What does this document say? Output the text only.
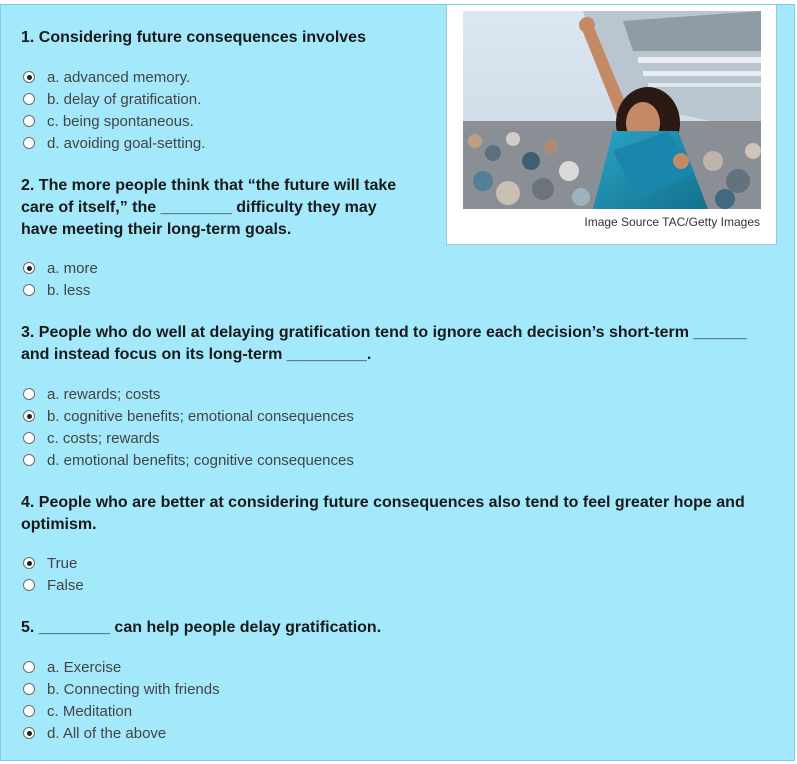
Image Source TAC/Getty Images

1. Considering future consequences involves

a. advanced memory.
b. delay of gratification.
c. being spontaneous.
d. avoiding goal-setting.
2. The more people think that “the future will take
care of itself,” the ________ difficulty they may
have meeting their long-term goals.
a. more
b. less
3. People who do well at delaying gratification tend to ignore each decision’s short-term ______
and instead focus on its long-term _________.
a. rewards; costs
b. cognitive benefits; emotional consequences
c. costs; rewards
d. emotional benefits; cognitive consequences
4. People who are better at considering future consequences also tend to feel greater hope and
optimism.
True
False

5. ________ can help people delay gratification.

a. Exercise
b. Connecting with friends
c. Meditation
d. All of the above
